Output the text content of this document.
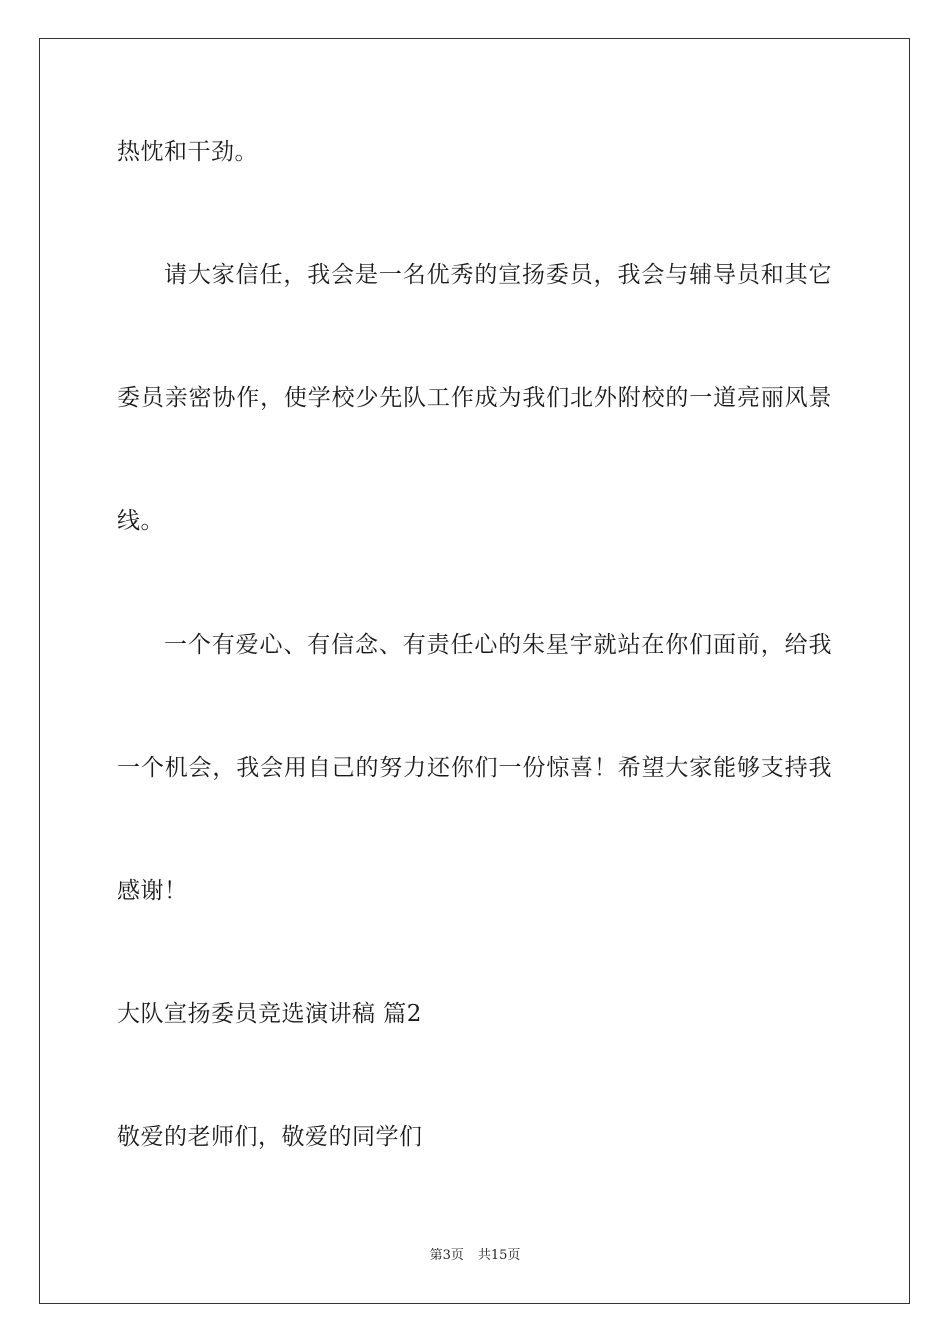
热忱和干劲。
请大家信任，我会是一名优秀的宣扬委员，我会与辅导员和其它
委员亲密协作，使学校少先队工作成为我们北外附校的一道亮丽风景
线。
一个有爱心、有信念、有责任心的朱星宇就站在你们面前，给我
一个机会，我会用自己的努力还你们一份惊喜！希望大家能够支持我
感谢！
大队宣扬委员竞选演讲稿 篇2
敬爱的老师们，敬爱的同学们
第3页 共15页
